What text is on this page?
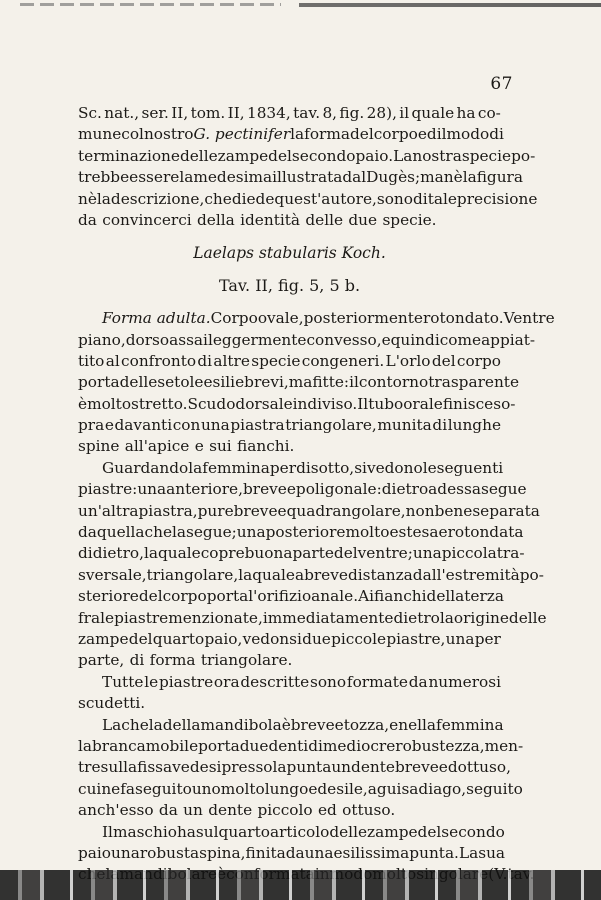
67
Sc. nat., ser. II, tom. II, 1834, tav. 8, fig. 28), il quale ha co-
mune col nostro G. pectinifer la forma del corpo ed il modo di
terminazione delle zampe del secondo paio. La nostra specie po-
trebbe essere la medesima illustrata dal Dugès ; ma nè la figura
nè la descrizione, che diede quest'autore, sono di tale precisione
da convincerci della identità delle due specie.
Laelaps stabularis Koch.
Tav. II, fig. 5, 5 b.
Forma adulta. Corpo ovale, posteriormente rotondato. Ventre
piano, dorso assai leggermente convesso, e quindi come appiat-
tito al confronto di altre specie congeneri. L'orlo del corpo
porta delle setole esili e brevi, ma fitte: il contorno trasparente
è molto stretto. Scudo dorsale indiviso. Il tubo orale finisce so-
pra e davanti con una piastra triangolare, munita di lunghe
spine all'apice e sui fianchi.
Guardando la femmina per disotto, si vedono le seguenti
piastre: una anteriore, breve e poligonale: dietro ad essa segue
un'altra piastra, pure breve e quadrangolare, non bene separata
da quella che la segue; una posteriore molto estesa e rotondata
di dietro, la quale copre buona parte del ventre; una piccola tra-
sversale, triangolare, la quale a breve distanza dall'estremità po-
steriore del corpo porta l'orifizio anale. Ai fianchi della terza
fra le piastre menzionate, immediatamente dietro la origine delle
zampe del quarto paio, vedonsi due piccole piastre, una per
parte, di forma triangolare.
Tutte le piastre ora descritte sono formate da numerosi
scudetti.
La chela della mandibola è breve e tozza, e nella femmina
la branca mobile porta due denti di mediocre robustezza, men-
tre sulla fissa vedesi presso la punta un dente breve ed ottuso,
cui ne fa seguito uno molto lungo ed esile, a guisa di ago, seguito
anch'esso da un dente piccolo ed ottuso.
Il maschio ha sul quarto articolo delle zampe del secondo
paio una robusta spina, finita da una esilissima punta. La sua
